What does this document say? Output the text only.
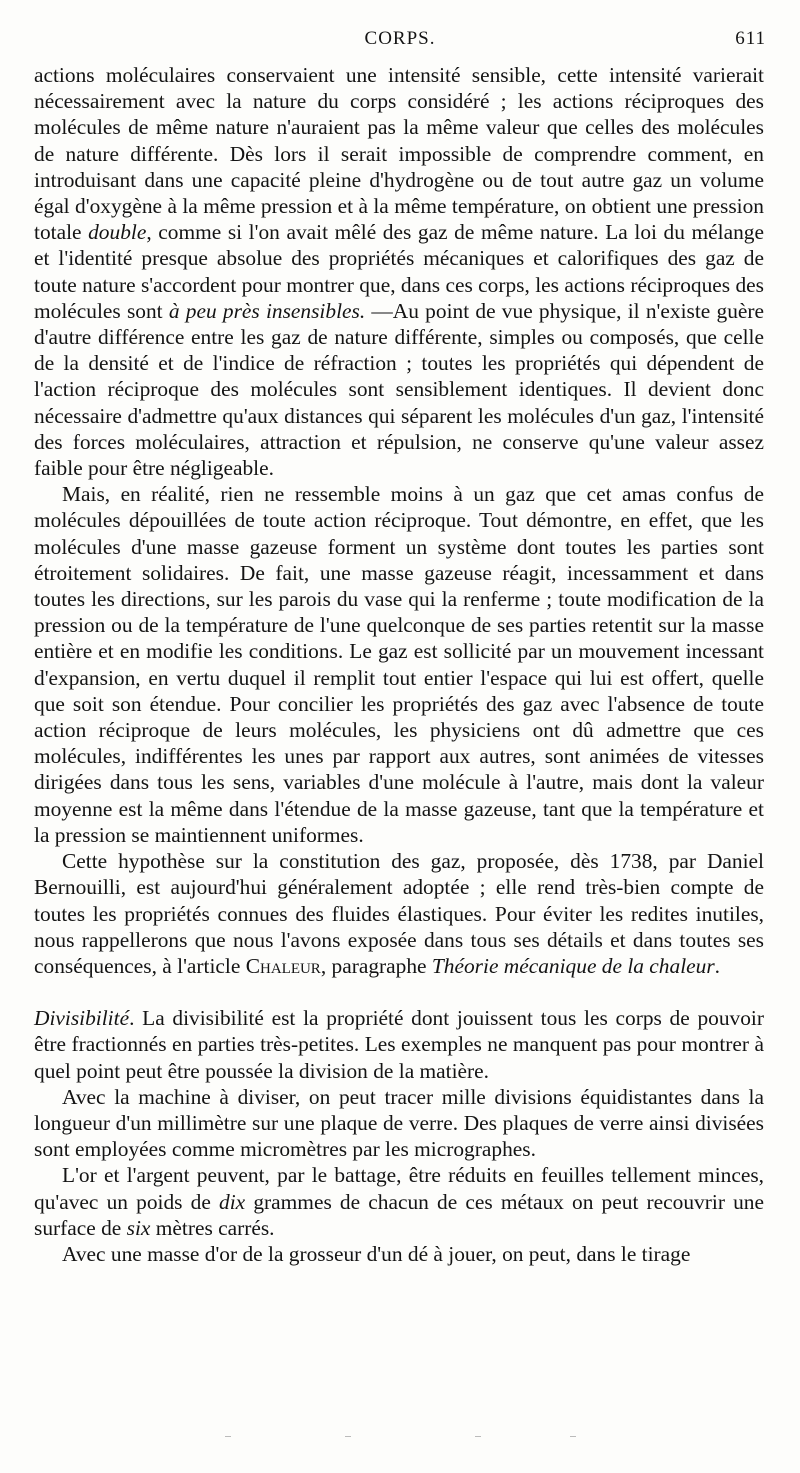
CORPS.	611

actions moléculaires conservaient une intensité sensible, cette intensité varierait nécessairement avec la nature du corps considéré ; les actions réciproques des molécules de même nature n'auraient pas la même valeur que celles des molécules de nature différente. Dès lors il serait impossible de comprendre comment, en introduisant dans une capacité pleine d'hydrogène ou de tout autre gaz un volume égal d'oxygène à la même pression et à la même température, on obtient une pression totale double, comme si l'on avait mêlé des gaz de même nature. La loi du mélange et l'identité presque absolue des propriétés mécaniques et calorifiques des gaz de toute nature s'accordent pour montrer que, dans ces corps, les actions réciproques des molécules sont à peu près insensibles. —Au point de vue physique, il n'existe guère d'autre différence entre les gaz de nature différente, simples ou composés, que celle de la densité et de l'indice de réfraction ; toutes les propriétés qui dépendent de l'action réciproque des molécules sont sensiblement identiques. Il devient donc nécessaire d'admettre qu'aux distances qui séparent les molécules d'un gaz, l'intensité des forces moléculaires, attraction et répulsion, ne conserve qu'une valeur assez faible pour être négligeable.

Mais, en réalité, rien ne ressemble moins à un gaz que cet amas confus de molécules dépouillées de toute action réciproque. Tout démontre, en effet, que les molécules d'une masse gazeuse forment un système dont toutes les parties sont étroitement solidaires. De fait, une masse gazeuse réagit, incessamment et dans toutes les directions, sur les parois du vase qui la renferme ; toute modification de la pression ou de la température de l'une quelconque de ses parties retentit sur la masse entière et en modifie les conditions. Le gaz est sollicité par un mouvement incessant d'expansion, en vertu duquel il remplit tout entier l'espace qui lui est offert, quelle que soit son étendue. Pour concilier les propriétés des gaz avec l'absence de toute action réciproque de leurs molécules, les physiciens ont dû admettre que ces molécules, indifférentes les unes par rapport aux autres, sont animées de vitesses dirigées dans tous les sens, variables d'une molécule à l'autre, mais dont la valeur moyenne est la même dans l'étendue de la masse gazeuse, tant que la température et la pression se maintiennent uniformes.

Cette hypothèse sur la constitution des gaz, proposée, dès 1738, par Daniel Bernouilli, est aujourd'hui généralement adoptée ; elle rend très-bien compte de toutes les propriétés connues des fluides élastiques. Pour éviter les redites inutiles, nous rappellerons que nous l'avons exposée dans tous ses détails et dans toutes ses conséquences, à l'article Chaleur, paragraphe Théorie mécanique de la chaleur.

Divisibilité. La divisibilité est la propriété dont jouissent tous les corps de pouvoir être fractionnés en parties très-petites. Les exemples ne manquent pas pour montrer à quel point peut être poussée la division de la matière.

Avec la machine à diviser, on peut tracer mille divisions équidistantes dans la longueur d'un millimètre sur une plaque de verre. Des plaques de verre ainsi divisées sont employées comme micromètres par les micrographes.

L'or et l'argent peuvent, par le battage, être réduits en feuilles tellement minces, qu'avec un poids de dix grammes de chacun de ces métaux on peut recouvrir une surface de six mètres carrés.

Avec une masse d'or de la grosseur d'un dé à jouer, on peut, dans le tirage
